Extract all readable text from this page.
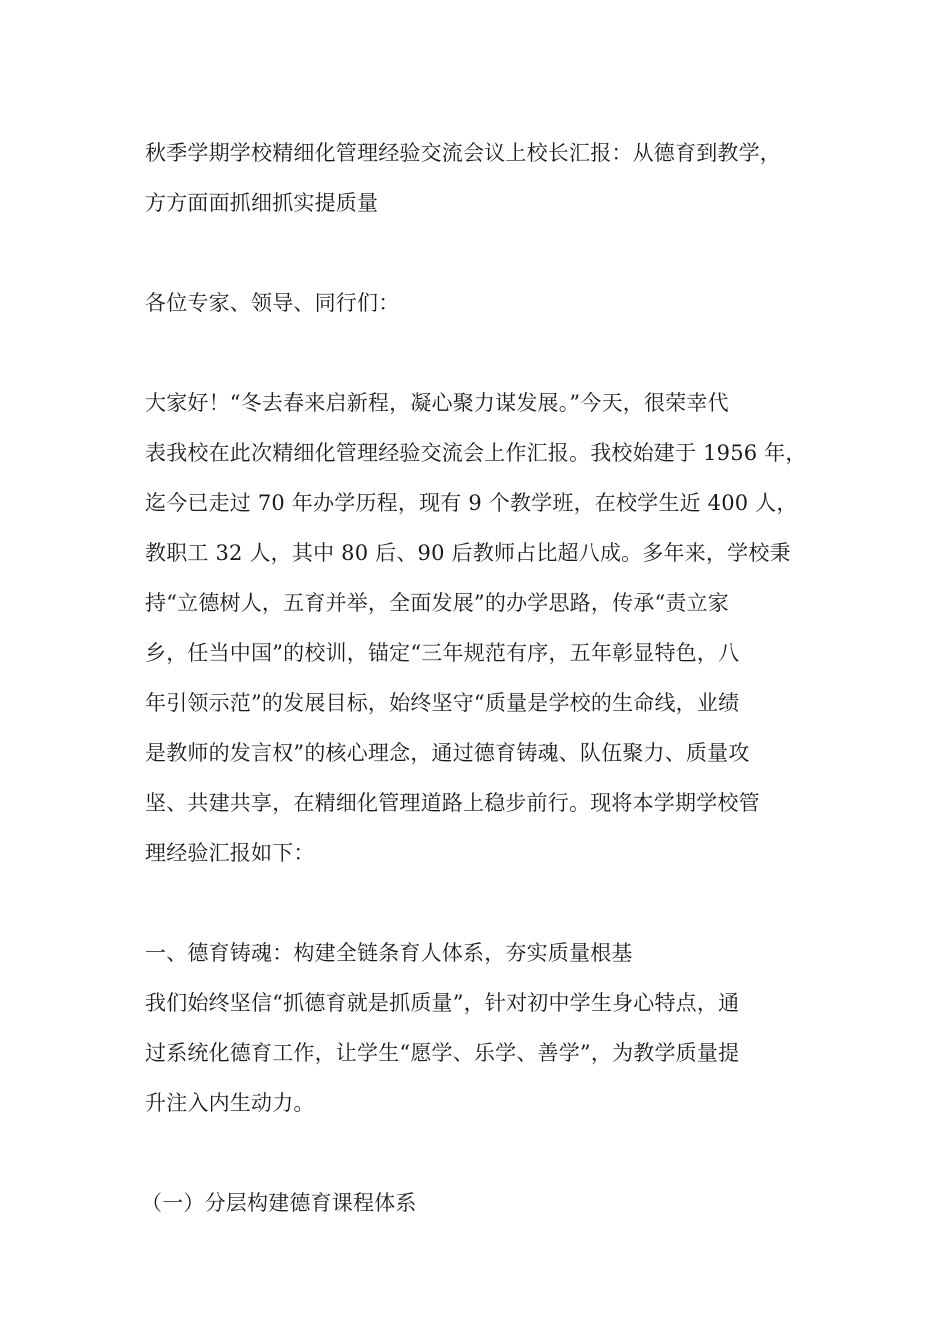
秋季学期学校精细化管理经验交流会议上校长汇报：从德育到教学，

方方面面抓细抓实提质量

各位专家、领导、同行们：

大家好！“冬去春来启新程，凝心聚力谋发展。”今天，很荣幸代

表我校在此次精细化管理经验交流会上作汇报。我校始建于 1956 年，

迄今已走过 70 年办学历程，现有 9 个教学班，在校学生近 400 人，

教职工 32 人，其中 80 后、90 后教师占比超八成。多年来，学校秉

持“立德树人，五育并举，全面发展”的办学思路，传承“责立家

乡，任当中国”的校训，锚定“三年规范有序，五年彰显特色，八

年引领示范”的发展目标，始终坚守“质量是学校的生命线，业绩

是教师的发言权”的核心理念，通过德育铸魂、队伍聚力、质量攻

坚、共建共享，在精细化管理道路上稳步前行。现将本学期学校管

理经验汇报如下：

一、德育铸魂：构建全链条育人体系，夯实质量根基

我们始终坚信“抓德育就是抓质量”，针对初中学生身心特点，通

过系统化德育工作，让学生“愿学、乐学、善学”，为教学质量提

升注入内生动力。

（一）分层构建德育课程体系
